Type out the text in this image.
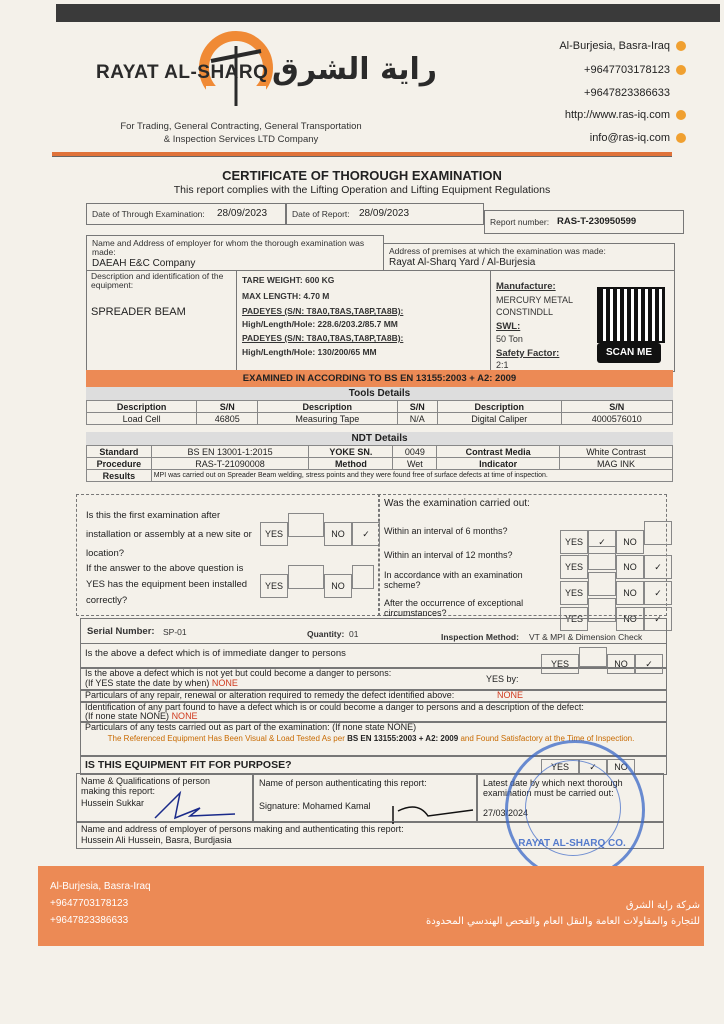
RAYAT AL-SHARQ راية الشرق
For Trading, General Contracting, General Transportation
& Inspection Services LTD Company
Al-Burjesia, Basra-Iraq
+9647703178123
+9647823386633
http://www.ras-iq.com
info@ras-iq.com
CERTIFICATE OF THOROUGH EXAMINATION
This report complies with the Lifting Operation and Lifting Equipment Regulations
Date of Through Examination: 28/09/2023	Date of Report: 28/09/2023
Report number: RAS-T-230950599
Name and Address of employer for whom the thorough examination was made:
DAEAH E&C Company
Address of premises at which the examination was made:
Rayat Al-Sharq Yard / Al-Burjesia
Description and identification of the equipment:
SPREADER BEAM
TARE WEIGHT: 600 KG
MAX LENGTH: 4.70 M
PADEYES (S/N: T8A0,T8AS,TA8P,TA8B):
High/Length/Hole: 228.6/203.2/85.7 MM
PADEYES (S/N: T8A0,T8AS,TA8P,TA8B):
High/Length/Hole: 130/200/65 MM
Manufacture:
MERCURY METAL
CONSTINDLL
SWL:
50 Ton
Safety Factor:
2:1
SCAN ME
EXAMINED IN ACCORDING TO BS EN 13155:2003 + A2: 2009
Tools Details
Description	S/N	Description	S/N	Description	S/N
Load Cell	46805	Measuring Tape	N/A	Digital Caliper	4000576010
NDT Details
Standard	BS EN 13001-1:2015	YOKE SN.	0049	Contrast Media	White Contrast
Procedure	RAS-T-21090008	Method	Wet	Indicator	MAG INK
Results	MPI was carried out on Spreader Beam welding, stress points and they were found free of surface defects at time of inspection.				
Is this the first examination after installation or assembly at a new site or location?
YES	NO ✓
If the answer to the above question is YES has the equipment been installed correctly?
YES	NO
Was the examination carried out:
Within an interval of 6 months?
YES ✓ NO
Within an interval of 12 months?
YES	NO ✓
In accordance with an examination scheme?
YES	NO ✓
After the occurrence of exceptional circumstances?
YES	NO ✓
Serial Number: SP-01	Quantity: 01	Inspection Method: VT & MPI & Dimension Check
Is the above a defect which is of immediate danger to persons
YES	NO ✓
Is the above a defect which is not yet but could become a danger to persons:
(If YES state the date by when) NONE	YES by:
Particulars of any repair, renewal or alteration required to remedy the defect identified above:	NONE
Identification of any part found to have a defect which is or could become a danger to persons and a description of the defect:
(If none state NONE) NONE
Particulars of any tests carried out as part of the examination: (If none state NONE)
The Referenced Equipment Has Been Visual & Load Tested As per BS EN 13155:2003 + A2: 2009 and Found Satisfactory at the Time of Inspection.
IS THIS EQUIPMENT FIT FOR PURPOSE?	YES ✓ NO
Name & Qualifications of person making this report:
Hussein Sukkar
Name of person authenticating this report:
Signature: Mohamed Kamal
Latest date by which next thorough examination must be carried out:
27/03/2024
Name and address of employer of persons making and authenticating this report:
Hussein Ali Hussein, Basra, Burdjasia	RAYAT AL-SHARQ CO.
Al-Burjesia, Basra-Iraq
+9647703178123
+9647823386633
شركة راية الشرق
للتجارة والمقاولات العامة والنقل العام والفحص الهندسي المحدودة
